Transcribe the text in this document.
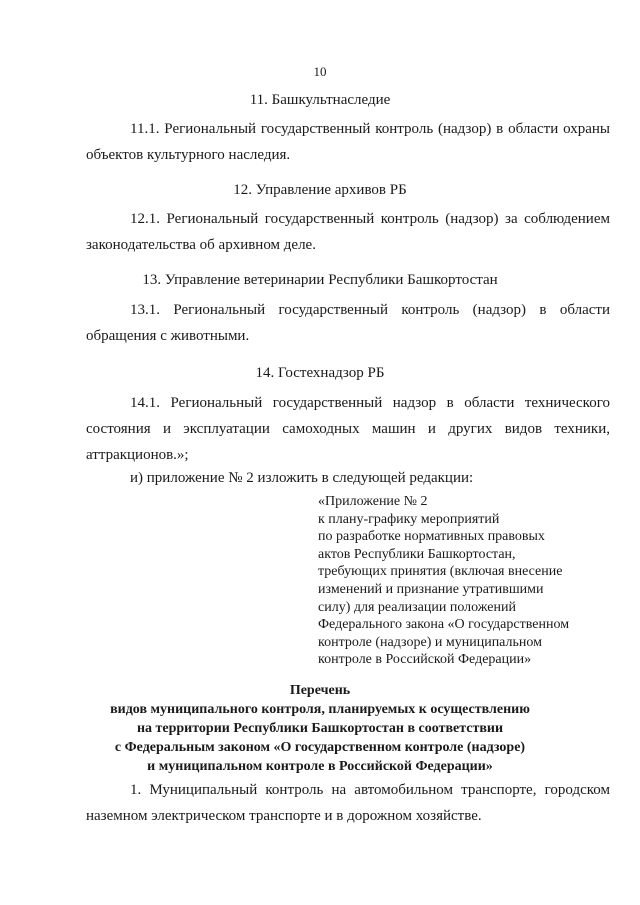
10
11. Башкультнаследие
11.1. Региональный государственный контроль (надзор) в области охраны объектов культурного наследия.
12. Управление архивов РБ
12.1. Региональный государственный контроль (надзор) за соблюдением законодательства об архивном деле.
13. Управление ветеринарии Республики Башкортостан
13.1. Региональный государственный контроль (надзор) в области обращения с животными.
14. Гостехнадзор РБ
14.1. Региональный государственный надзор в области технического состояния и эксплуатации самоходных машин и других видов техники, аттракционов.»;
и) приложение № 2 изложить в следующей редакции:
«Приложение № 2
к плану-графику мероприятий
по разработке нормативных правовых
актов Республики Башкортостан,
требующих принятия (включая внесение
изменений и признание утратившими
силу) для реализации положений
Федерального закона «О государственном
контроле (надзоре) и муниципальном
контроле в Российской Федерации»
Перечень
видов муниципального контроля, планируемых к осуществлению
на территории Республики Башкортостан в соответствии
с Федеральным законом «О государственном контроле (надзоре)
и муниципальном контроле в Российской Федерации»
1. Муниципальный контроль на автомобильном транспорте, городском наземном электрическом транспорте и в дорожном хозяйстве.
